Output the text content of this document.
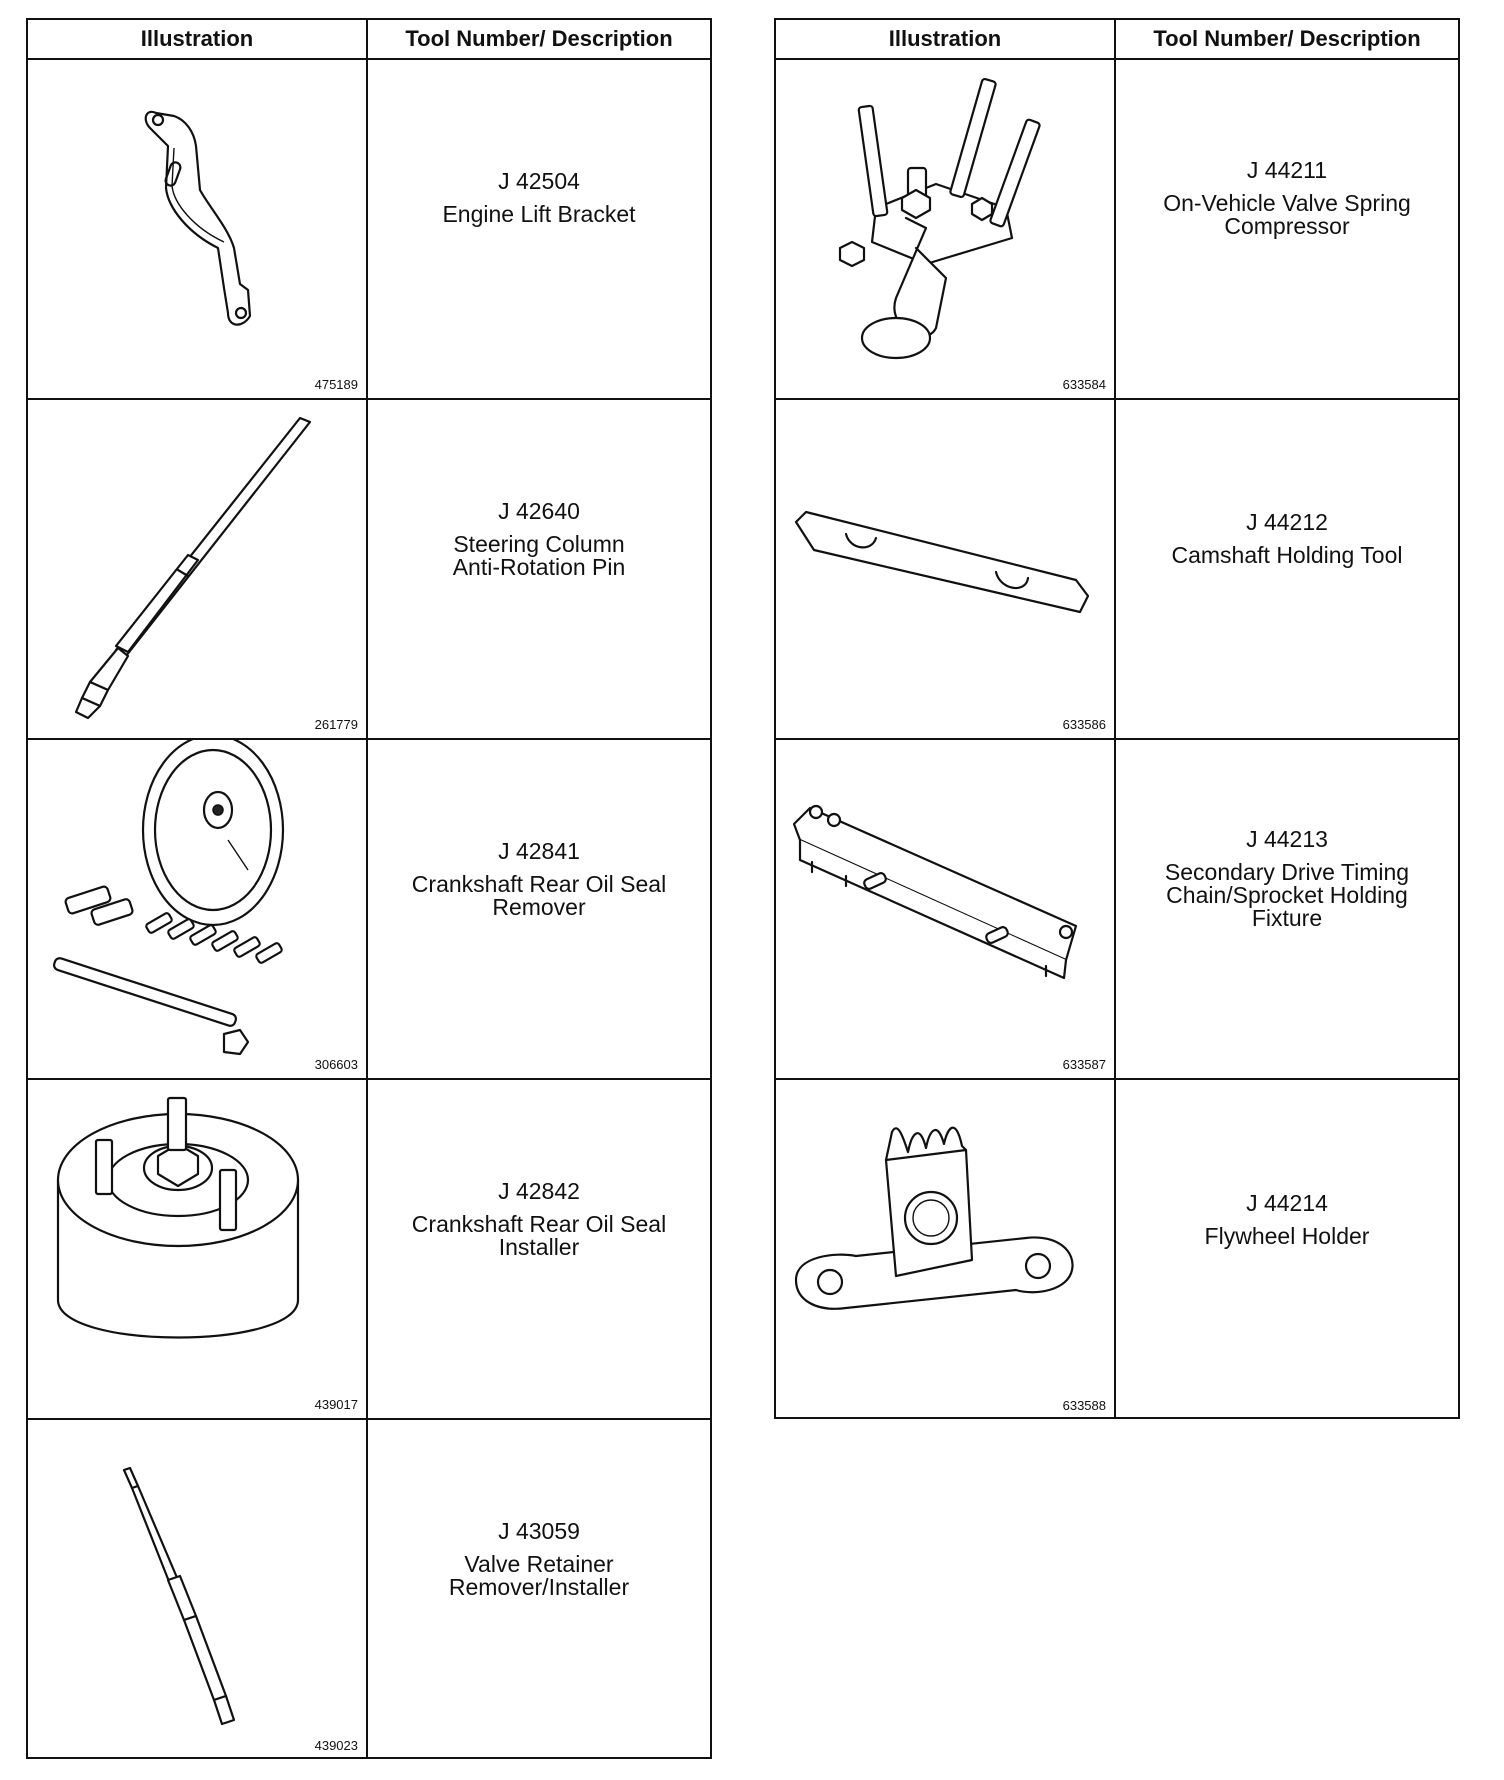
Illustration	Tool Number/ Description
475189
J 42504
Engine Lift Bracket
261779
J 42640
Steering Column
Anti-Rotation Pin
306603
J 42841
Crankshaft Rear Oil Seal
Remover
439017
J 42842
Crankshaft Rear Oil Seal
Installer
439023
J 43059
Valve Retainer
Remover/Installer
Illustration	Tool Number/ Description
633584
J 44211
On-Vehicle Valve Spring
Compressor
633586
J 44212
Camshaft Holding Tool
633587
J 44213
Secondary Drive Timing
Chain/Sprocket Holding
Fixture
633588
J 44214
Flywheel Holder
